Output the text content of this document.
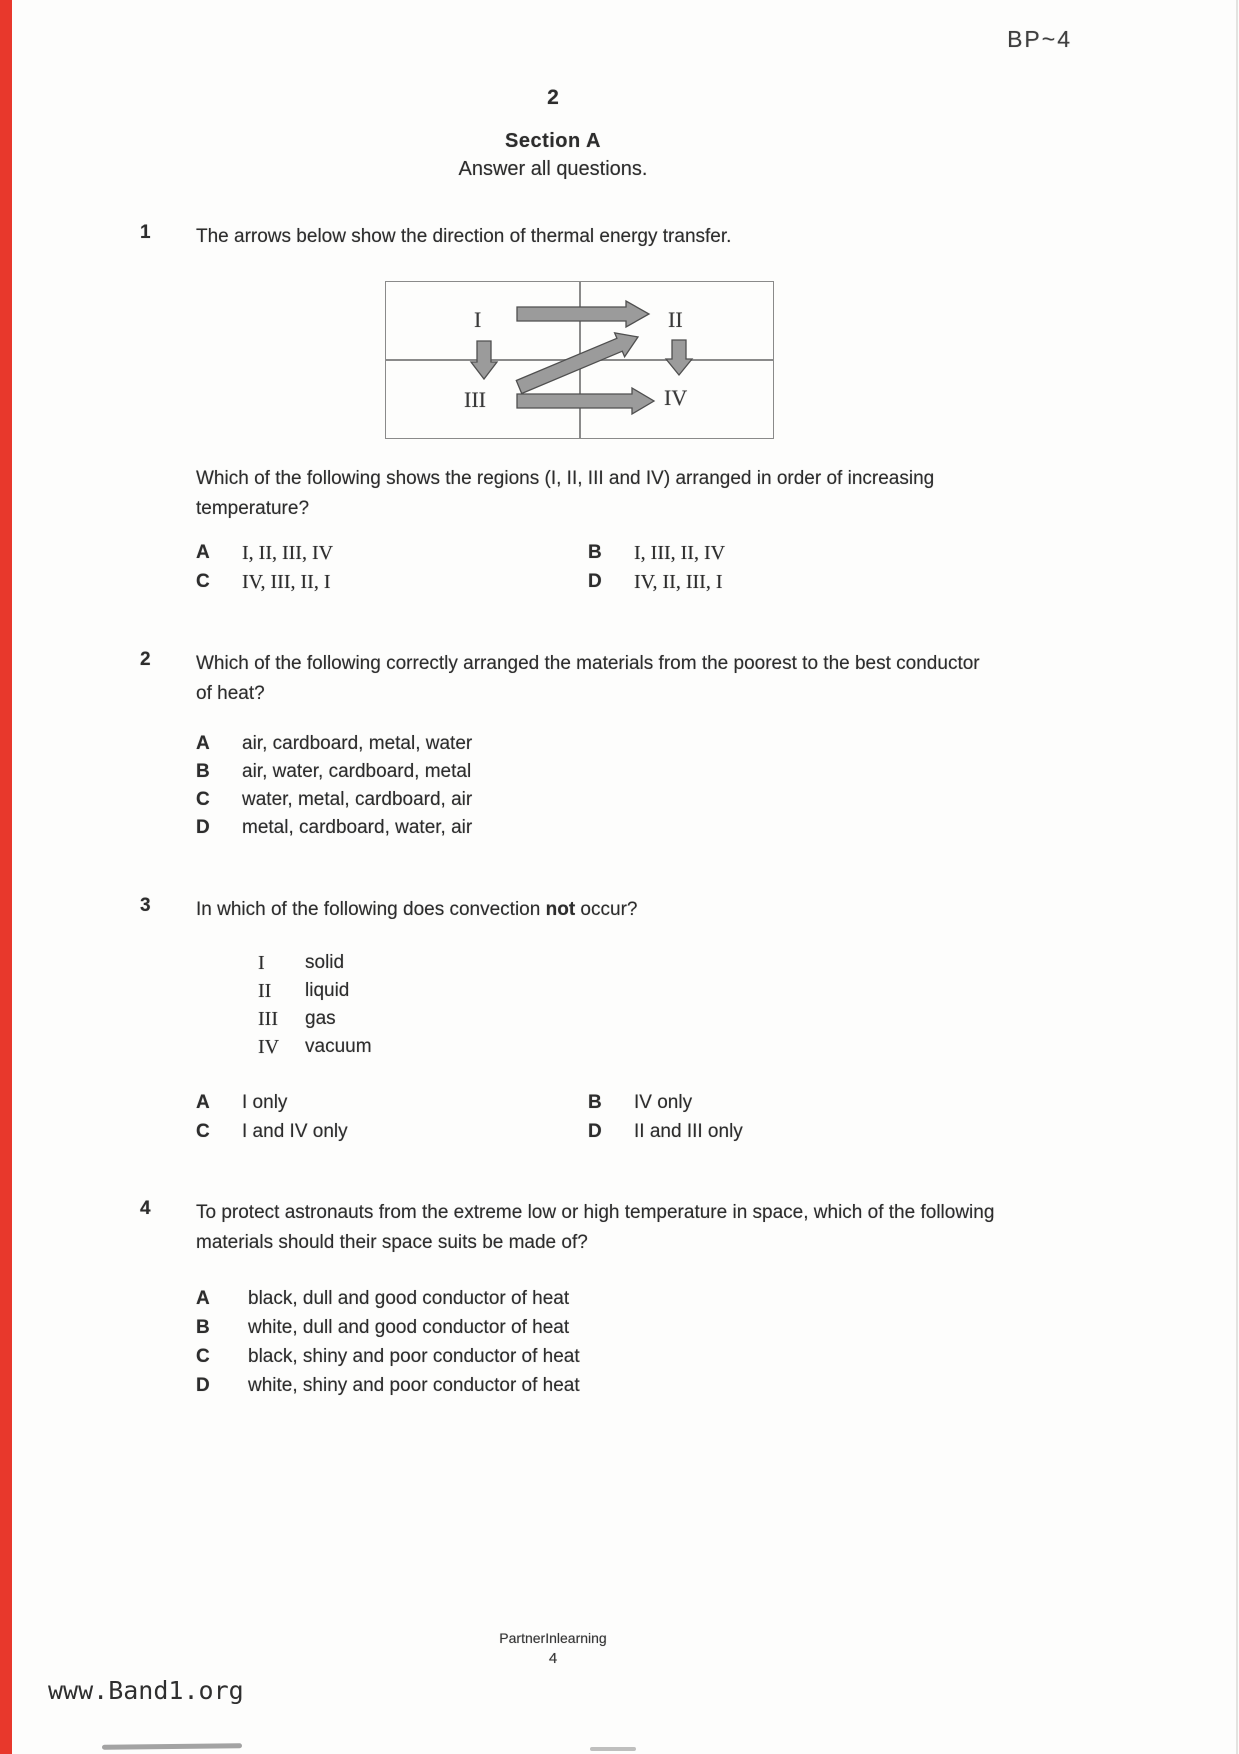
BP~4
2
Section A
Answer all questions.
1 The arrows below show the direction of thermal energy transfer.
I	II
III	IV
Which of the following shows the regions (I, II, III and IV) arranged in order of increasing temperature?
A	I, II, III, IV	B	I, III, II, IV
C	IV, III, II, I	D	IV, II, III, I
2 Which of the following correctly arranged the materials from the poorest to the best conductor of heat?
A	air, cardboard, metal, water
B	air, water, cardboard, metal
C	water, metal, cardboard, air
D	metal, cardboard, water, air
3 In which of the following does convection not occur?
I	solid
II	liquid
III	gas
IV	vacuum
A	I only	B	IV only
C	I and IV only	D	II and III only
4 To protect astronauts from the extreme low or high temperature in space, which of the following materials should their space suits be made of?
A	black, dull and good conductor of heat
B	white, dull and good conductor of heat
C	black, shiny and poor conductor of heat
D	white, shiny and poor conductor of heat
PartnerInlearning
4
www.Band1.org
